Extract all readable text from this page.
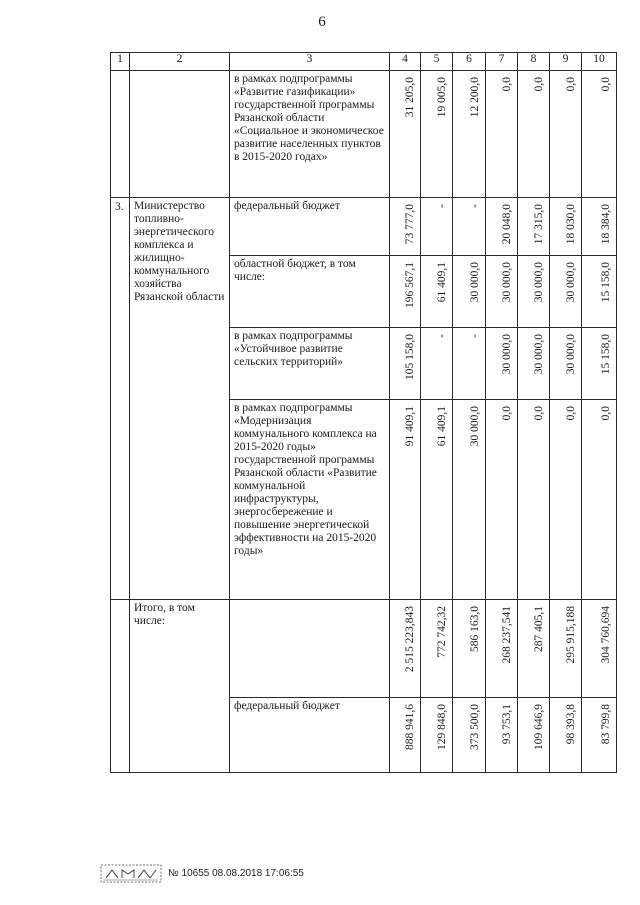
6
1	2	3	4	5	6	7	8	9	10

		в рамках подпрограммы «Развитие газификации» государственной программы Рязанской области «Социальное и экономическое развитие населенных пунктов в 2015-2020 годах»	31 205,0	19 005,0	12 200,0	0,0	0,0	0,0	0,0

3.	Министерство топливно-энергетического комплекса и жилищно-коммунального хозяйства Рязанской области	федеральный бюджет	73 777,0	-	-	20 048,0	17 315,0	18 030,0	18 384,0

		областной бюджет, в том числе:	196 567,1	61 409,1	30 000,0	30 000,0	30 000,0	30 000,0	15 158,0

		в рамках подпрограммы «Устойчивое развитие сельских территорий»	105 158,0	-	-	30 000,0	30 000,0	30 000,0	15 158,0

		в рамках подпрограммы «Модернизация коммунального комплекса на 2015-2020 годы» государственной программы Рязанской области «Развитие коммунальной инфраструктуры, энергосбережение и повышение энергетической эффективности на 2015-2020 годы»	91 409,1	61 409,1	30 000,0	0,0	0,0	0,0	0,0

	Итого, в том числе:		2 515 223,843	772 742,32	586 163,0	268 237,541	287 405,1	295 915,188	304 760,694

		федеральный бюджет	888 941,6	129 848,0	373 500,0	93 753,1	109 646,9	98 393,8	83 799,8
№ 10655 08.08.2018 17:06:55
